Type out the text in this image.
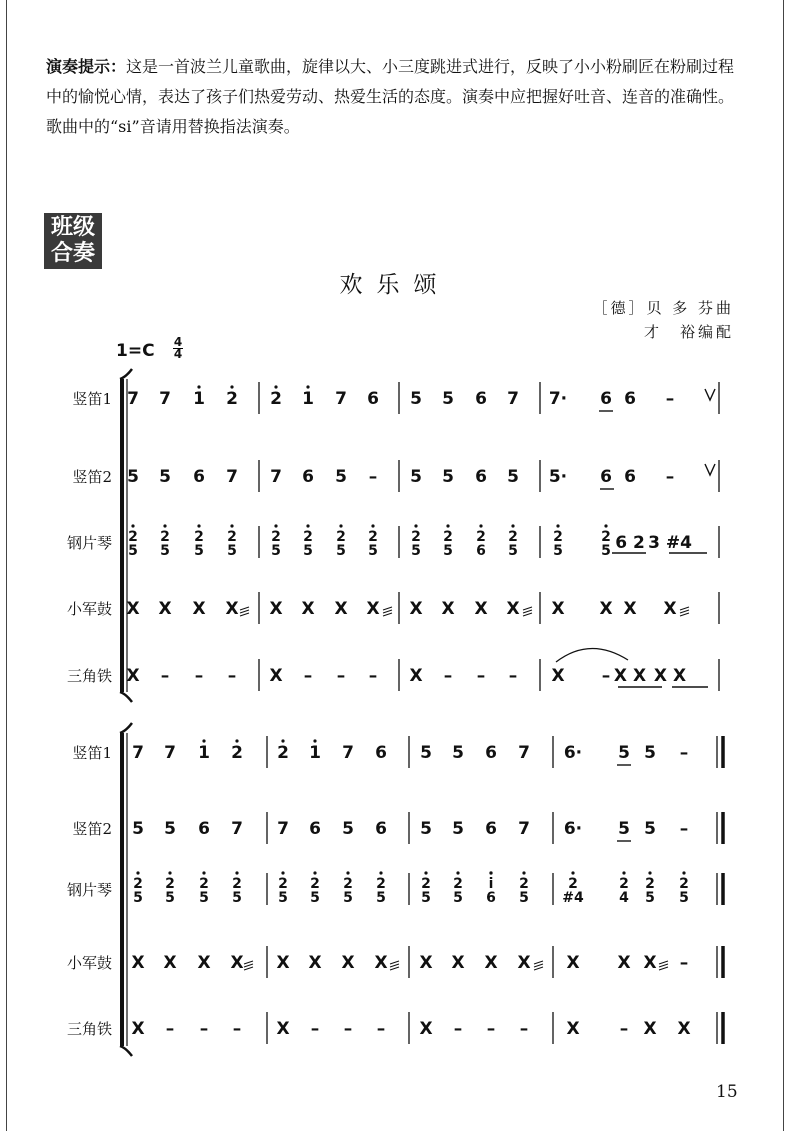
演奏提示：这是一首波兰儿童歌曲，旋律以大、小三度跳进式进行，反映了小小粉刷匠在粉刷过程中的愉悦心情，表达了孩子们热爱劳动、热爱生活的态度。演奏中应把握好吐音、连音的准确性。歌曲中的“si”音请用替换指法演奏。
班级
合奏
欢乐颂
［德］贝 多 芬曲
才　裕编配
1=C 4
4
竖笛1 7 7 1 2 2 1 7 6 5 5 6 7 7· 6 6 –
竖笛2 5 5 6 7 7 6 5 – 5 5 6 5 5· 6 6 –
钢片琴 2
5
2
5
2
5
2
5
2
5
2
5
2
5
2
5
2
5
2
5
2
6
2
5
2
5
2
5 6 2 3 #4
小军鼓 X X X X X X X X X X X X X X X X
三角铁 X – – – X – – – X – – – X – X X X X
竖笛1 7 7 1 2 2 1 7 6 5 5 6 7 6· 5 5 –
竖笛2 5 5 6 7 7 6 5 6 5 5 6 7 6· 5 5 –
钢片琴 2
5
2
5
2
5
2
5
2
5
2
5
2
5
2
5
2
5
2
5
i
6
2
5
2
#4
2
4
2
5
2
5
小军鼓 X X X X X X X X X X X X X X X –
三角铁 X – – – X – – – X – – – X – X X
15
